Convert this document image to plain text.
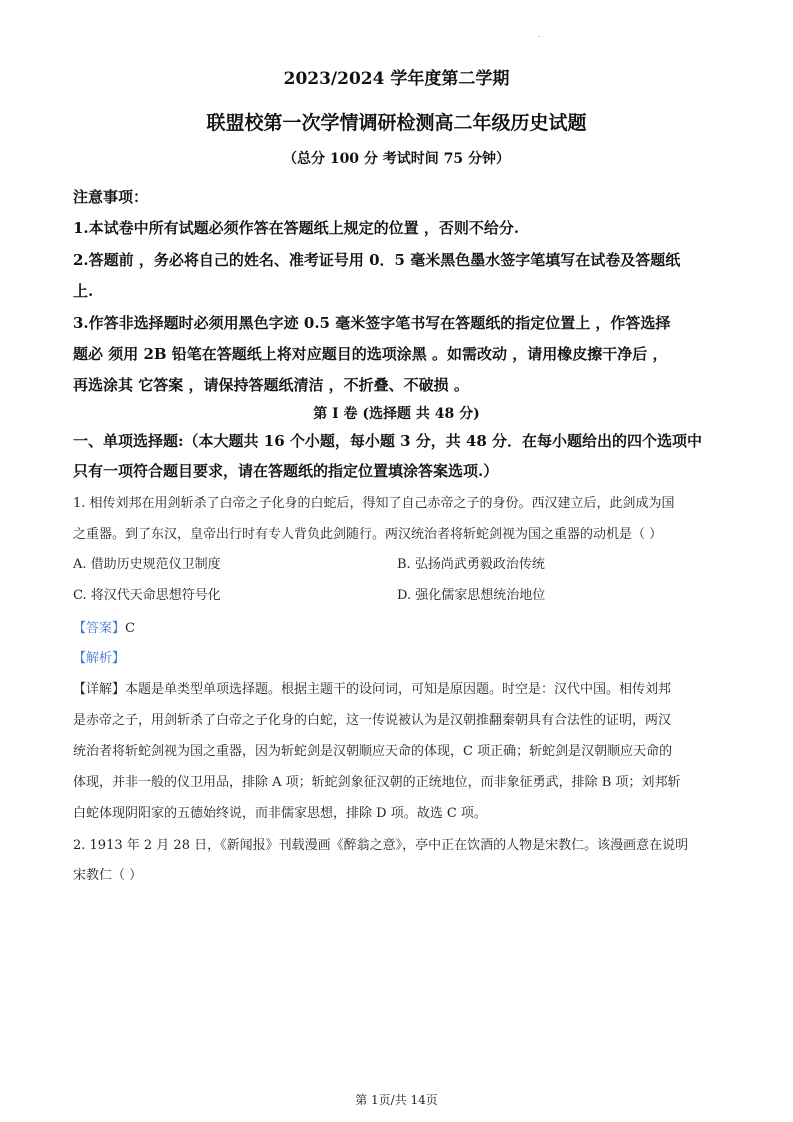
.
2023/2024 学年度第二学期
联盟校第一次学情调研检测高二年级历史试题
（总分 100 分 考试时间 75 分钟）
注意事项：
1.本试卷中所有试题必须作答在答题纸上规定的位置 ，否则不给分.
2.答题前 ，务必将自己的姓名、准考证号用 0．5 毫米黑色墨水签字笔填写在试卷及答题纸
上.
3.作答非选择题时必须用黑色字迹 0.5 毫米签字笔书写在答题纸的指定位置上 ，作答选择
题必 须用 2B 铅笔在答题纸上将对应题目的选项涂黑 。如需改动 ，请用橡皮擦干净后 ，
再选涂其 它答案 ，请保持答题纸清洁 ，不折叠、不破损 。
第 I 卷 (选择题 共 48 分)
一、单项选择题:（本大题共 16 个小题，每小题 3 分，共 48 分．在每小题给出的四个选项中
只有一项符合题目要求，请在答题纸的指定位置填涂答案选项.）
1. 相传刘邦在用剑斩杀了白帝之子化身的白蛇后，得知了自己赤帝之子的身份。西汉建立后，此剑成为国
之重器。到了东汉，皇帝出行时有专人背负此剑随行。两汉统治者将斩蛇剑视为国之重器的动机是（ ）
A. 借助历史规范仪卫制度	B. 弘扬尚武勇毅政治传统
C. 将汉代天命思想符号化	D. 强化儒家思想统治地位
【答案】C
【解析】
【详解】本题是单类型单项选择题。根据主题干的设问词，可知是原因题。时空是：汉代中国。相传刘邦
是赤帝之子，用剑斩杀了白帝之子化身的白蛇，这一传说被认为是汉朝推翻秦朝具有合法性的证明，两汉
统治者将斩蛇剑视为国之重器，因为斩蛇剑是汉朝顺应天命的体现，C 项正确；斩蛇剑是汉朝顺应天命的
体现，并非一般的仪卫用品，排除 A 项；斩蛇剑象征汉朝的正统地位，而非象征勇武，排除 B 项；刘邦斩
白蛇体现阴阳家的五德始终说，而非儒家思想，排除 D 项。故选 C 项。
2. 1913 年 2 月 28 日，《新闻报》刊载漫画《醉翁之意》，亭中正在饮酒的人物是宋教仁。该漫画意在说明
宋教仁（ ）
第 1页/共 14页
